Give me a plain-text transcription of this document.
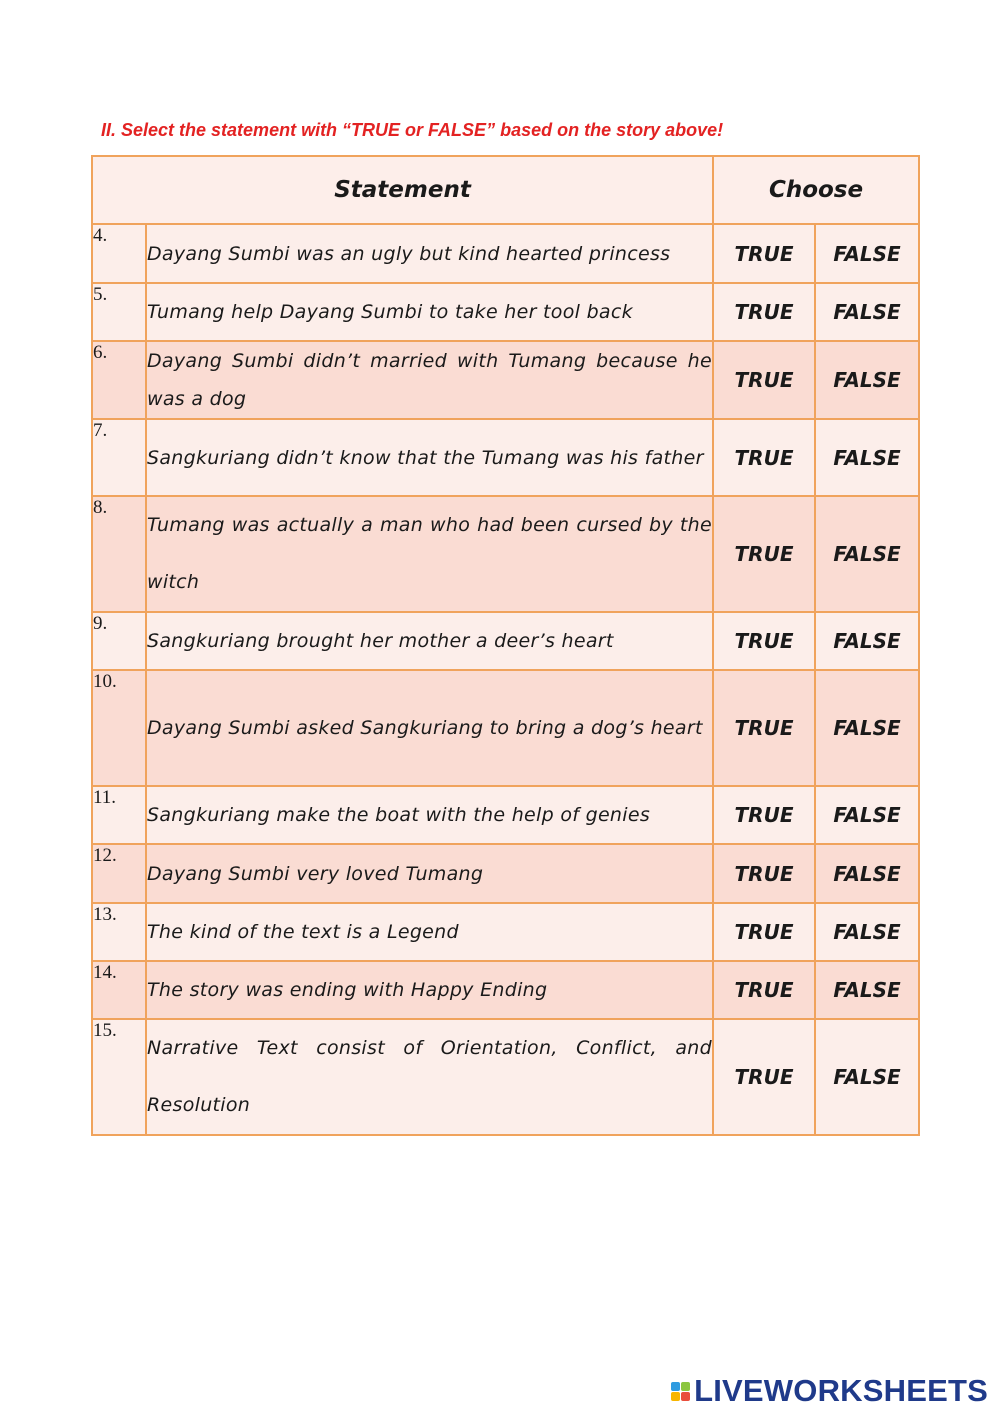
II. Select the statement with “TRUE or FALSE” based on the story above!

Statement		Choose	
4.	Dayang Sumbi was an ugly but kind hearted princess	TRUE	FALSE
5.	Tumang help Dayang Sumbi to take her tool back	TRUE	FALSE
6.	Dayang Sumbi didn’t married with Tumang because he was a dog	TRUE	FALSE
7.	Sangkuriang didn’t know that the Tumang was his father	TRUE	FALSE
8.	Tumang was actually a man who had been cursed by the witch	TRUE	FALSE
9.	Sangkuriang brought her mother a deer’s heart	TRUE	FALSE
10.	Dayang Sumbi asked Sangkuriang to bring a dog’s heart	TRUE	FALSE
11.	Sangkuriang make the boat with the help of genies	TRUE	FALSE
12.	Dayang Sumbi very loved Tumang	TRUE	FALSE
13.	The kind of the text is a Legend	TRUE	FALSE
14.	The story was ending with Happy Ending	TRUE	FALSE
15.	Narrative Text consist of Orientation, Conflict, and Resolution	TRUE	FALSE
LIVEWORKSHEETS
